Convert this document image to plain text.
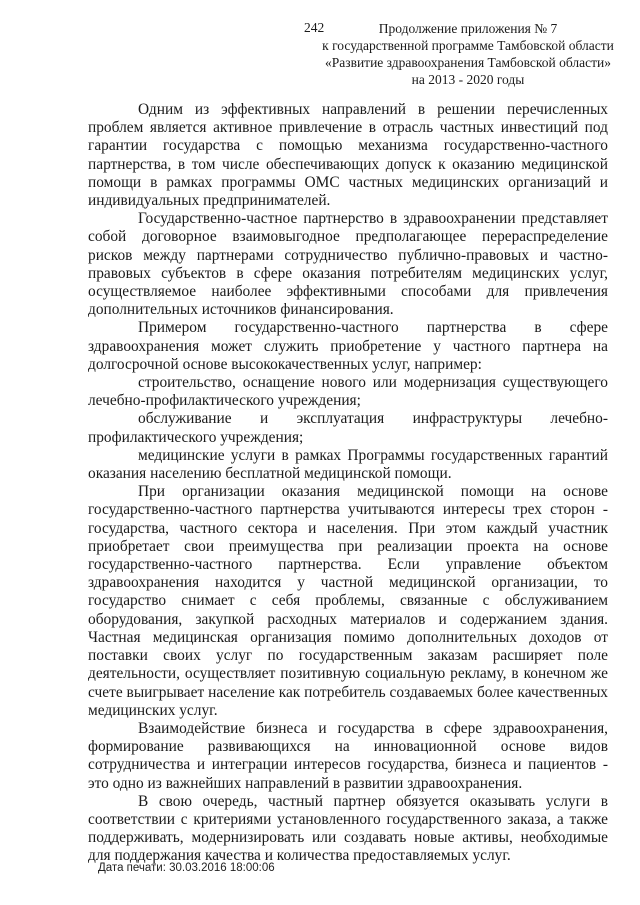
242	Продолжение приложения № 7
к государственной программе Тамбовской области
«Развитие здравоохранения Тамбовской области»
на 2013 - 2020 годы

Одним из эффективных направлений в решении перечисленных проблем является активное привлечение в отрасль частных инвестиций под гарантии государства с помощью механизма государственно-частного партнерства, в том числе обеспечивающих допуск к оказанию медицинской помощи в рамках программы ОМС частных медицинских организаций и индивидуальных предпринимателей.

Государственно-частное партнерство в здравоохранении представляет собой договорное взаимовыгодное предполагающее перераспределение рисков между партнерами сотрудничество публично-правовых и частно-правовых субъектов в сфере оказания потребителям медицинских услуг, осуществляемое наиболее эффективными способами для привлечения дополнительных источников финансирования.

Примером государственно-частного партнерства в сфере здравоохранения может служить приобретение у частного партнера на долгосрочной основе высококачественных услуг, например:

строительство, оснащение нового или модернизация существующего лечебно-профилактического учреждения;

обслуживание и эксплуатация инфраструктуры лечебно-профилактического учреждения;

медицинские услуги в рамках Программы государственных гарантий оказания населению бесплатной медицинской помощи.

При организации оказания медицинской помощи на основе государственно-частного партнерства учитываются интересы трех сторон - государства, частного сектора и населения. При этом каждый участник приобретает свои преимущества при реализации проекта на основе государственно-частного партнерства. Если управление объектом здравоохранения находится у частной медицинской организации, то государство снимает с себя проблемы, связанные с обслуживанием оборудования, закупкой расходных материалов и содержанием здания. Частная медицинская организация помимо дополнительных доходов от поставки своих услуг по государственным заказам расширяет поле деятельности, осуществляет позитивную социальную рекламу, в конечном же счете выигрывает население как потребитель создаваемых более качественных медицинских услуг.

Взаимодействие бизнеса и государства в сфере здравоохранения, формирование развивающихся на инновационной основе видов сотрудничества и интеграции интересов государства, бизнеса и пациентов - это одно из важнейших направлений в развитии здравоохранения.

В свою очередь, частный партнер обязуется оказывать услуги в соответствии с критериями установленного государственного заказа, а также поддерживать, модернизировать или создавать новые активы, необходимые для поддержания качества и количества предоставляемых услуг.

Дата печати: 30.03.2016 18:00:06
